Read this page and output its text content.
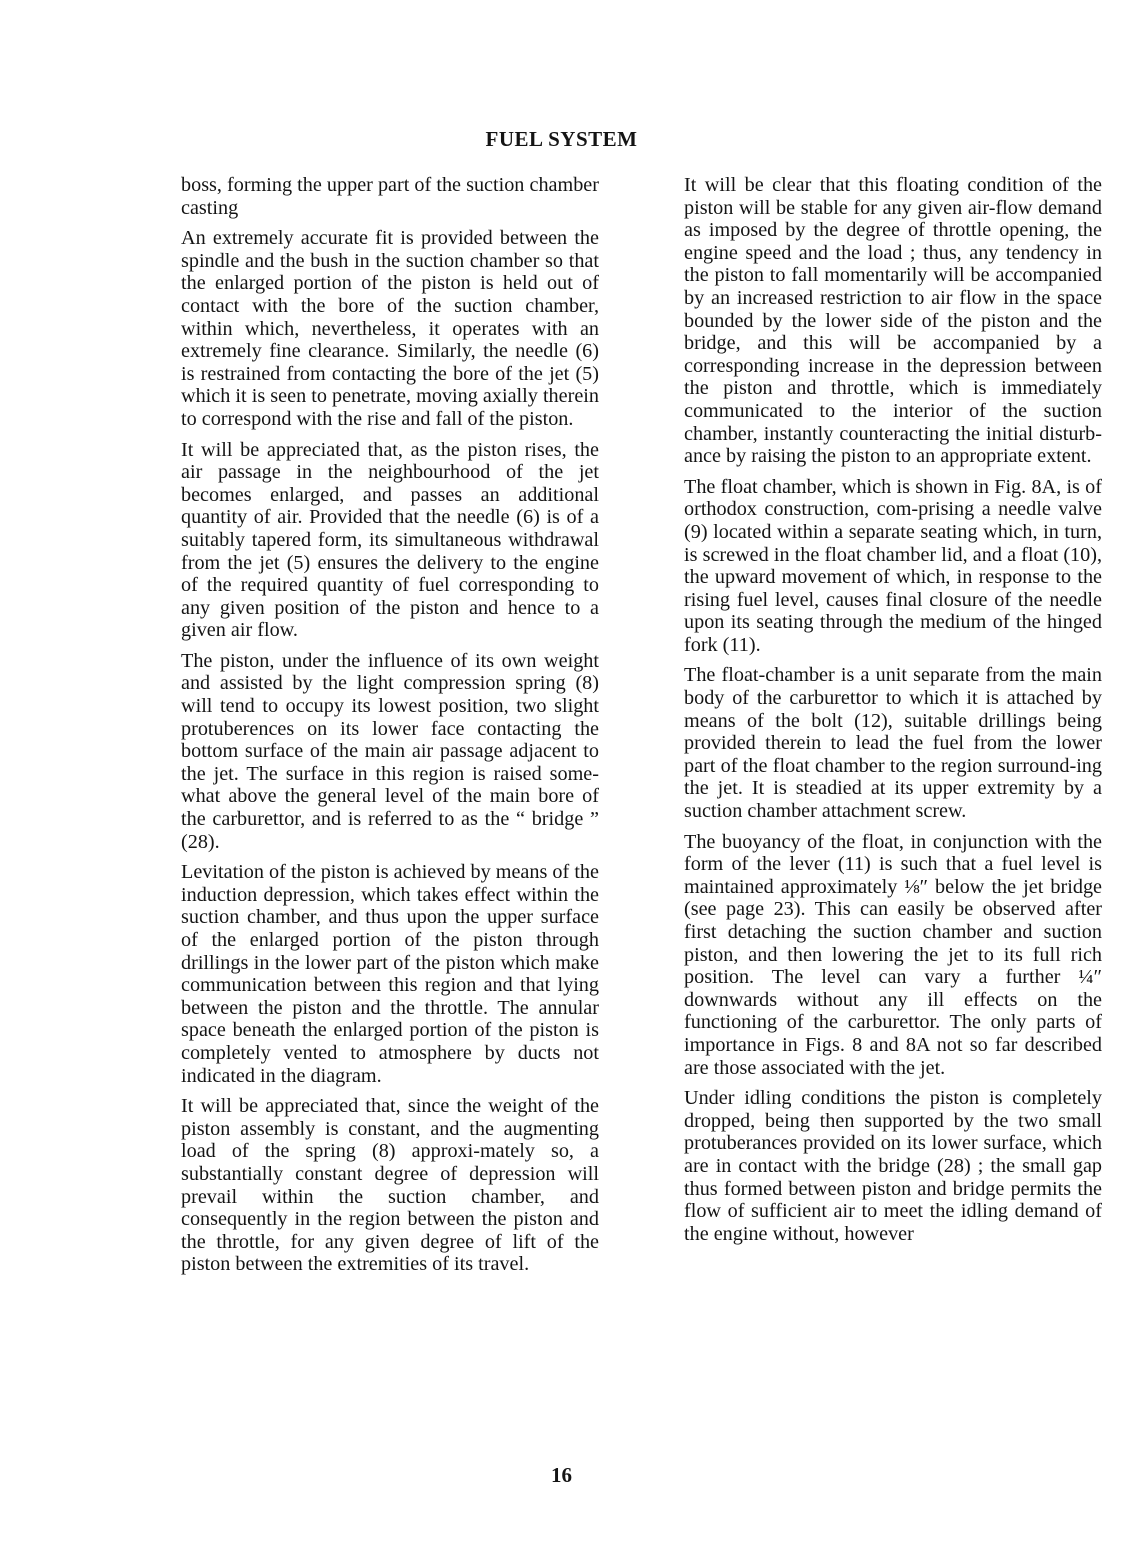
FUEL SYSTEM

boss, forming the upper part of the suction chamber casting

An extremely accurate fit is provided between the spindle and the bush in the suction chamber so that the enlarged portion of the piston is held out of contact with the bore of the suction chamber, within which, nevertheless, it operates with an extremely fine clearance. Similarly, the needle (6) is restrained from contacting the bore of the jet (5) which it is seen to penetrate, moving axially therein to correspond with the rise and fall of the piston.

It will be appreciated that, as the piston rises, the air passage in the neighbourhood of the jet becomes enlarged, and passes an additional quantity of air. Provided that the needle (6) is of a suitably tapered form, its simultaneous withdrawal from the jet (5) ensures the delivery to the engine of the required quantity of fuel corresponding to any given position of the piston and hence to a given air flow.

The piston, under the influence of its own weight and assisted by the light compression spring (8) will tend to occupy its lowest position, two slight protuberences on its lower face contacting the bottom surface of the main air passage adjacent to the jet. The surface in this region is raised some-what above the general level of the main bore of the carburettor, and is referred to as the “ bridge ” (28).

Levitation of the piston is achieved by means of the induction depression, which takes effect within the suction chamber, and thus upon the upper surface of the enlarged portion of the piston through drillings in the lower part of the piston which make communication between this region and that lying between the piston and the throttle. The annular space beneath the enlarged portion of the piston is completely vented to atmosphere by ducts not indicated in the diagram.

It will be appreciated that, since the weight of the piston assembly is constant, and the augmenting load of the spring (8) approxi-mately so, a substantially constant degree of depression will prevail within the suction chamber, and consequently in the region between the piston and the throttle, for any given degree of lift of the piston between the extremities of its travel.

It will be clear that this floating condition of the piston will be stable for any given air-flow demand as imposed by the degree of throttle opening, the engine speed and the load ; thus, any tendency in the piston to fall momentarily will be accompanied by an increased restriction to air flow in the space bounded by the lower side of the piston and the bridge, and this will be accompanied by a corresponding increase in the depression between the piston and throttle, which is immediately communicated to the interior of the suction chamber, instantly counteracting the initial disturb-ance by raising the piston to an appropriate extent.

The float chamber, which is shown in Fig. 8A, is of orthodox construction, com-prising a needle valve (9) located within a separate seating which, in turn, is screwed in the float chamber lid, and a float (10), the upward movement of which, in response to the rising fuel level, causes final closure of the needle upon its seating through the medium of the hinged fork (11).

The float-chamber is a unit separate from the main body of the carburettor to which it is attached by means of the bolt (12), suitable drillings being provided therein to lead the fuel from the lower part of the float chamber to the region surround-ing the jet. It is steadied at its upper extremity by a suction chamber attachment screw.

The buoyancy of the float, in conjunction with the form of the lever (11) is such that a fuel level is maintained approximately ⅛″ below the jet bridge (see page 23). This can easily be observed after first detaching the suction chamber and suction piston, and then lowering the jet to its full rich position. The level can vary a further ¼″ downwards without any ill effects on the functioning of the carburettor. The only parts of importance in Figs. 8 and 8A not so far described are those associated with the jet.

Under idling conditions the piston is completely dropped, being then supported by the two small protuberances provided on its lower surface, which are in contact with the bridge (28) ; the small gap thus formed between piston and bridge permits the flow of sufficient air to meet the idling demand of the engine without, however

16
